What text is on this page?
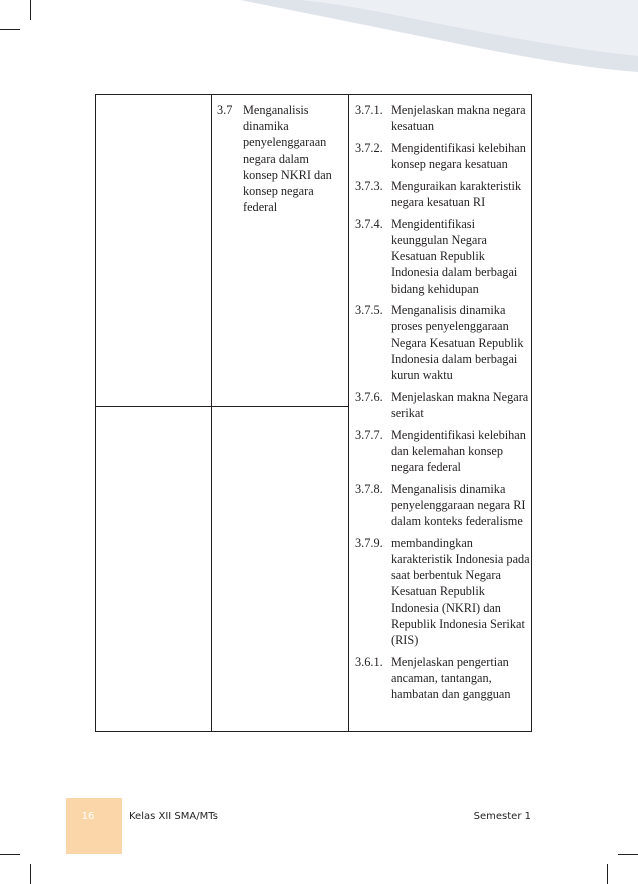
3.7 Menganalisis dinamika penyelenggaraan negara dalam konsep NKRI dan konsep negara federal
3.7.1. Menjelaskan makna negara kesatuan
3.7.2. Mengidentifikasi kelebihan konsep negara kesatuan
3.7.3. Menguraikan karakteristik negara kesatuan RI
3.7.4. Mengidentifikasi keunggulan Negara Kesatuan Republik Indonesia dalam berbagai bidang kehidupan
3.7.5. Menganalisis dinamika proses penyelenggaraan Negara Kesatuan Republik Indonesia dalam berbagai kurun waktu
3.7.6. Menjelaskan makna Negara serikat
3.7.7. Mengidentifikasi kelebihan dan kelemahan konsep negara federal
3.7.8. Menganalisis dinamika penyelenggaraan negara RI dalam konteks federalisme
3.7.9. membandingkan karakteristik Indonesia pada saat berbentuk Negara Kesatuan Republik Indonesia (NKRI) dan Republik Indonesia Serikat (RIS)
3.6.1. Menjelaskan pengertian ancaman, tantangan, hambatan dan gangguan
16	Kelas XII SMA/MTs	Semester 1
